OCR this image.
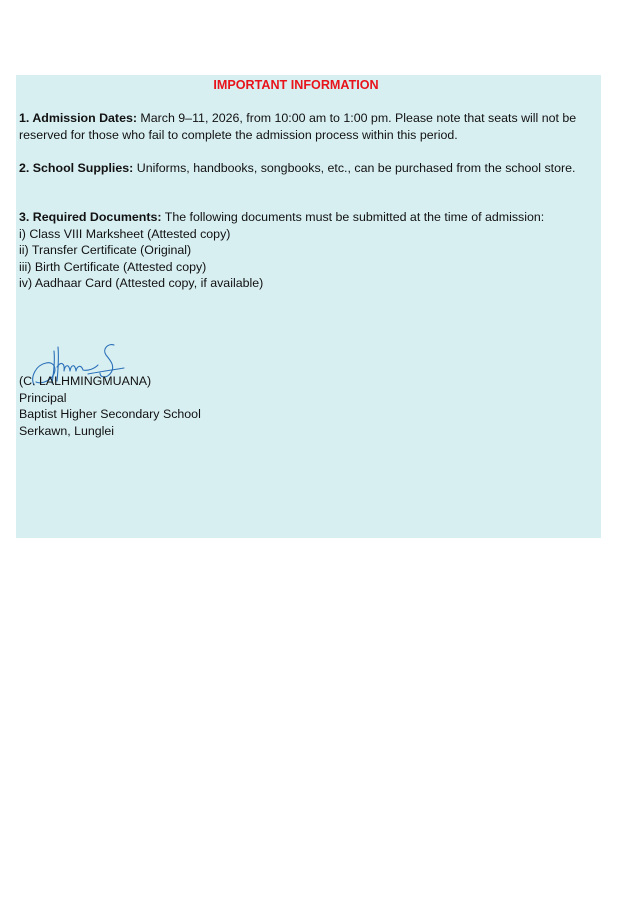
IMPORTANT INFORMATION

1. Admission Dates: March 9–11, 2026, from 10:00 am to 1:00 pm. Please note that seats will not be reserved for those who fail to complete the admission process within this period.

2. School Supplies: Uniforms, handbooks, songbooks, etc., can be purchased from the school store.

3. Required Documents: The following documents must be submitted at the time of admission:
i) Class VIII Marksheet (Attested copy)
ii) Transfer Certificate (Original)
iii) Birth Certificate (Attested copy)
iv) Aadhaar Card (Attested copy, if available)
(C. LALHMINGMUANA)
Principal
Baptist Higher Secondary School
Serkawn, Lunglei
